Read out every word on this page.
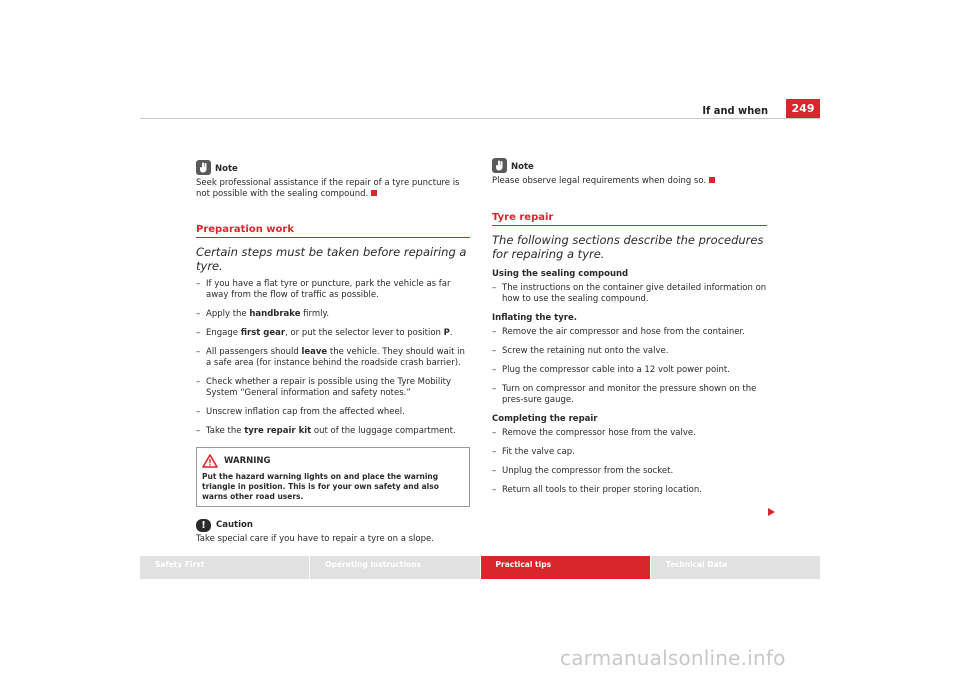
If and when	249
Note
Seek professional assistance if the repair of a tyre puncture is not possible with the sealing compound.
Preparation work
Certain steps must be taken before repairing a tyre.
– If you have a flat tyre or puncture, park the vehicle as far away from the flow of traffic as possible.
– Apply the handbrake firmly.
– Engage first gear, or put the selector lever to position P.
– All passengers should leave the vehicle. They should wait in a safe area (for instance behind the roadside crash barrier).
– Check whether a repair is possible using the Tyre Mobility System “General information and safety notes.”
– Unscrew inflation cap from the affected wheel.
– Take the tyre repair kit out of the luggage compartment.
WARNING
Put the hazard warning lights on and place the warning triangle in position. This is for your own safety and also warns other road users.
!	Caution
Take special care if you have to repair a tyre on a slope.
Note
Please observe legal requirements when doing so.
Tyre repair
The following sections describe the procedures for repairing a tyre.
Using the sealing compound
– The instructions on the container give detailed information on how to use the sealing compound.
Inflating the tyre.
– Remove the air compressor and hose from the container.
– Screw the retaining nut onto the valve.
– Plug the compressor cable into a 12 volt power point.
– Turn on compressor and monitor the pressure shown on the pres-sure gauge.
Completing the repair
– Remove the compressor hose from the valve.
– Fit the valve cap.
– Unplug the compressor from the socket.
– Return all tools to their proper storing location.
Safety First	Operating instructions	Practical tips	Technical Data
carmanualsonline.info
